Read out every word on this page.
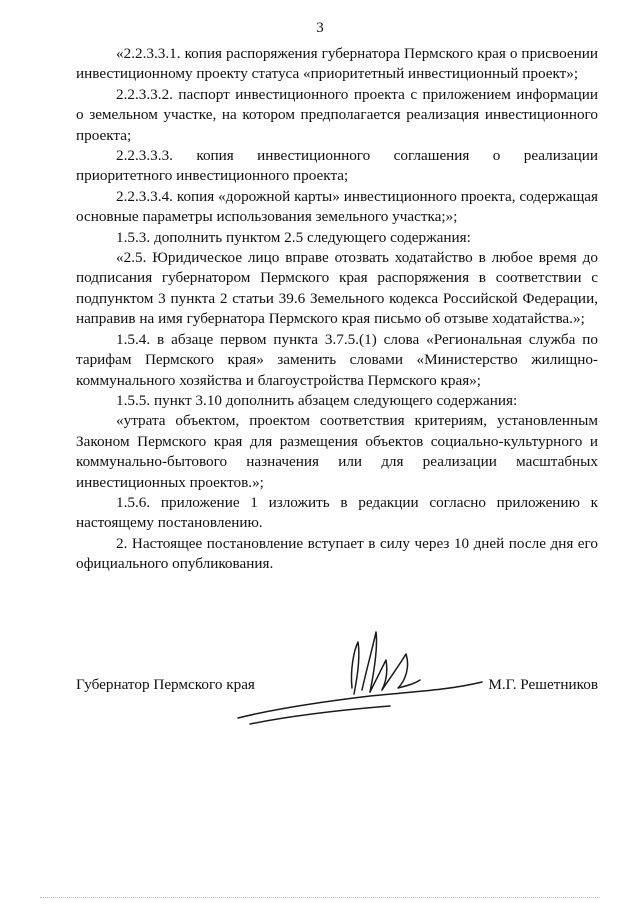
3

«2.2.3.3.1. копия распоряжения губернатора Пермского края о присвоении инвестиционному проекту статуса «приоритетный инвестиционный проект»;

2.2.3.3.2. паспорт инвестиционного проекта с приложением информации о земельном участке, на котором предполагается реализация инвестиционного проекта;

2.2.3.3.3. копия инвестиционного соглашения о реализации приоритетного инвестиционного проекта;

2.2.3.3.4. копия «дорожной карты» инвестиционного проекта, содержащая основные параметры использования земельного участка;»;

1.5.3. дополнить пунктом 2.5 следующего содержания:

«2.5. Юридическое лицо вправе отозвать ходатайство в любое время до подписания губернатором Пермского края распоряжения в соответствии с подпунктом 3 пункта 2 статьи 39.6 Земельного кодекса Российской Федерации, направив на имя губернатора Пермского края письмо об отзыве ходатайства.»;

1.5.4. в абзаце первом пункта 3.7.5.(1) слова «Региональная служба по тарифам Пермского края» заменить словами «Министерство жилищно-коммунального хозяйства и благоустройства Пермского края»;

1.5.5. пункт 3.10 дополнить абзацем следующего содержания:

«утрата объектом, проектом соответствия критериям, установленным Законом Пермского края для размещения объектов социально-культурного и коммунально-бытового назначения или для реализации масштабных инвестиционных проектов.»;

1.5.6. приложение 1 изложить в редакции согласно приложению к настоящему постановлению.

2. Настоящее постановление вступает в силу через 10 дней после дня его официального опубликования.

Губернатор Пермского края	М.Г. Решетников
